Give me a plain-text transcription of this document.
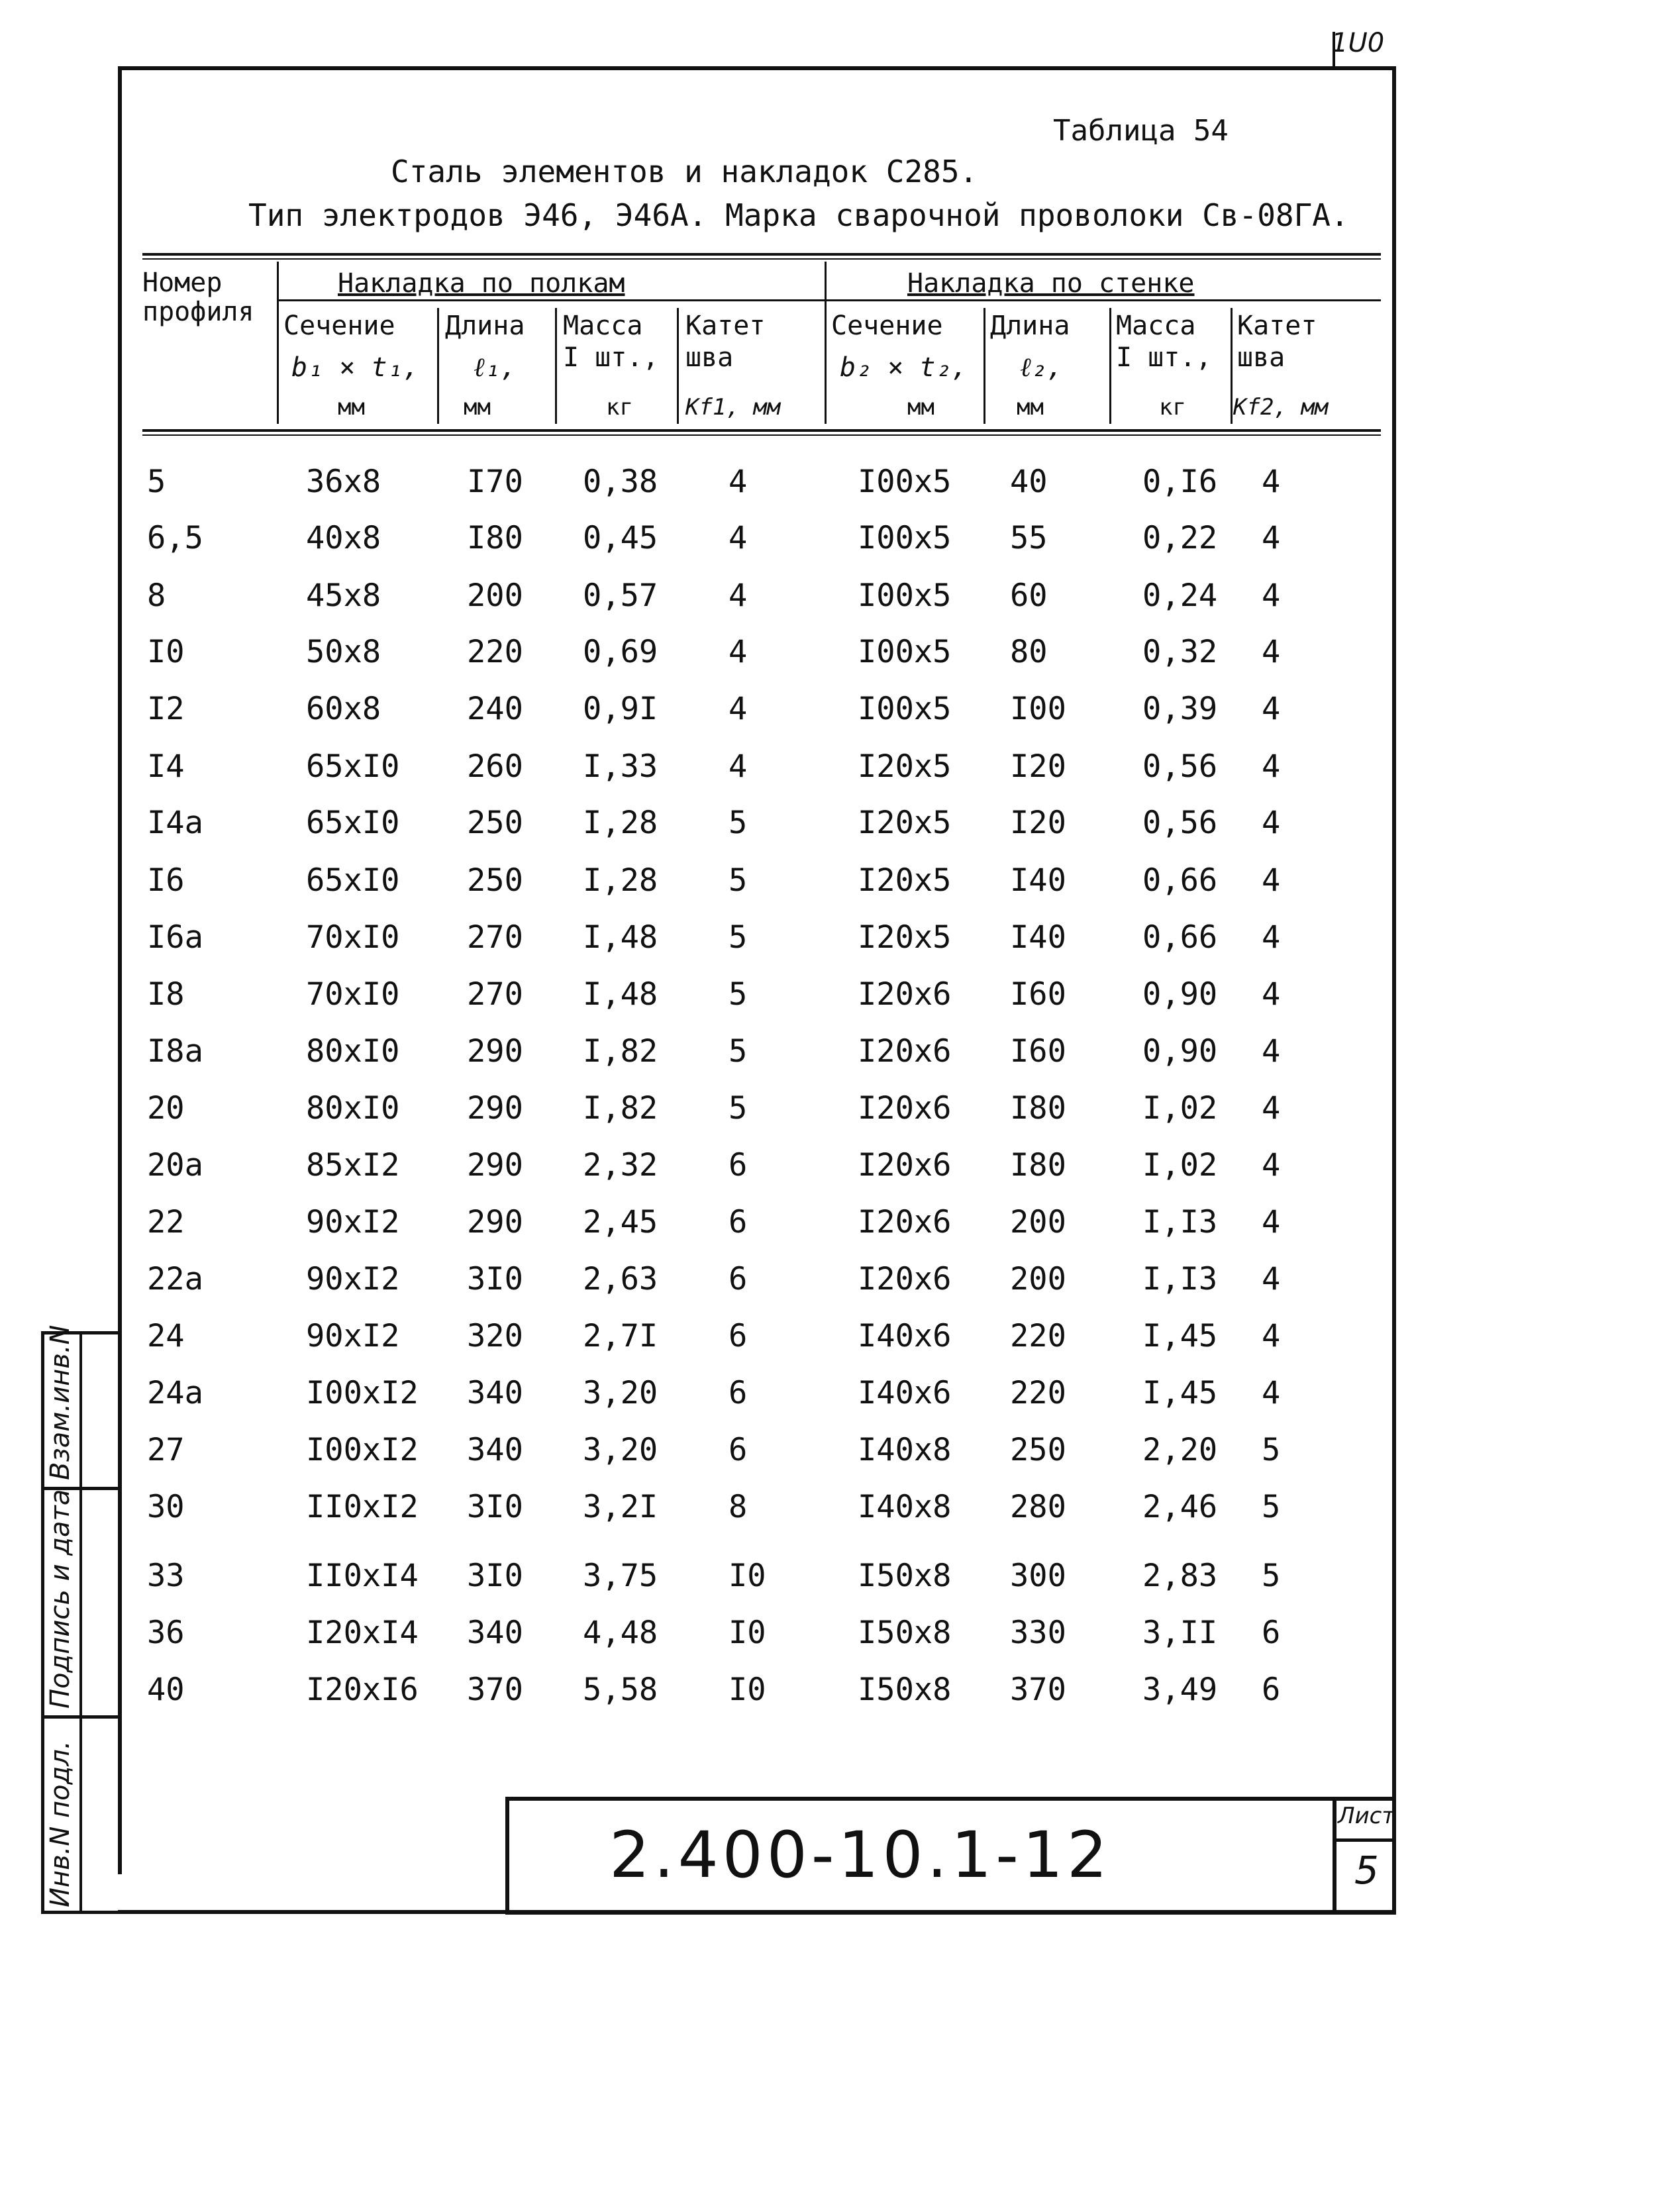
1U0
Таблица 54
Сталь элементов и накладок С285.
Тип электродов Э46, Э46А. Марка сварочной проволоки Св-08ГА.
Номер
профиля
Накладка по полкам	Накладка по стенке
Сечение
b₁ × t₁,
мм
Длина
ℓ₁,
мм
Масса
I шт.,
кг
Катет
шва
Kf1, мм
Сечение
b₂ × t₂,
мм
Длина
ℓ₂,
мм
Масса
I шт.,
кг
Катет
шва
Kf2, мм
5	36x8	I70 0,38 4	I00x5 40	0,I6 4
6,5	40x8	I80 0,45 4	I00x5 55	0,22 4
8	45x8	200 0,57 4	I00x5 60	0,24 4
I0	50x8	220 0,69 4	I00x5 80	0,32 4
I2	60x8	240 0,9I 4	I00x5 I00 0,39 4
I4	65xI0 260 I,33 4	I20x5 I20 0,56 4
I4a	65xI0 250 I,28 5	I20x5 I20 0,56 4
I6	65xI0 250 I,28 5	I20x5 I40 0,66 4
I6a	70xI0 270 I,48 5	I20x5 I40 0,66 4
I8	70xI0 270 I,48 5	I20x6 I60 0,90 4
I8a	80xI0 290 I,82 5	I20x6 I60 0,90 4
20	80xI0 290 I,82 5	I20x6 I80 I,02 4
20a	85xI2 290 2,32 6	I20x6 I80 I,02 4
22	90xI2 290 2,45 6	I20x6 200 I,I3 4
22a	90xI2 3I0 2,63 6	I20x6 200 I,I3 4
24	90xI2 320 2,7I 6	I40x6 220 I,45 4
24a	I00xI2 340 3,20 6	I40x6 220 I,45 4
27	I00xI2 340 3,20 6	I40x8 250 2,20 5
30	II0xI2 3I0 3,2I 8	I40x8 280 2,46 5
33	II0xI4 3I0 3,75 I0	I50x8 300 2,83 5
36	I20xI4 340 4,48 I0	I50x8 330 3,II 6
40	I20xI6 370 5,58 I0	I50x8 370 3,49 6
Взам.инв.N
Подпись и дата
Инв.N подл.	2.400-10.1-12
Лист
5
